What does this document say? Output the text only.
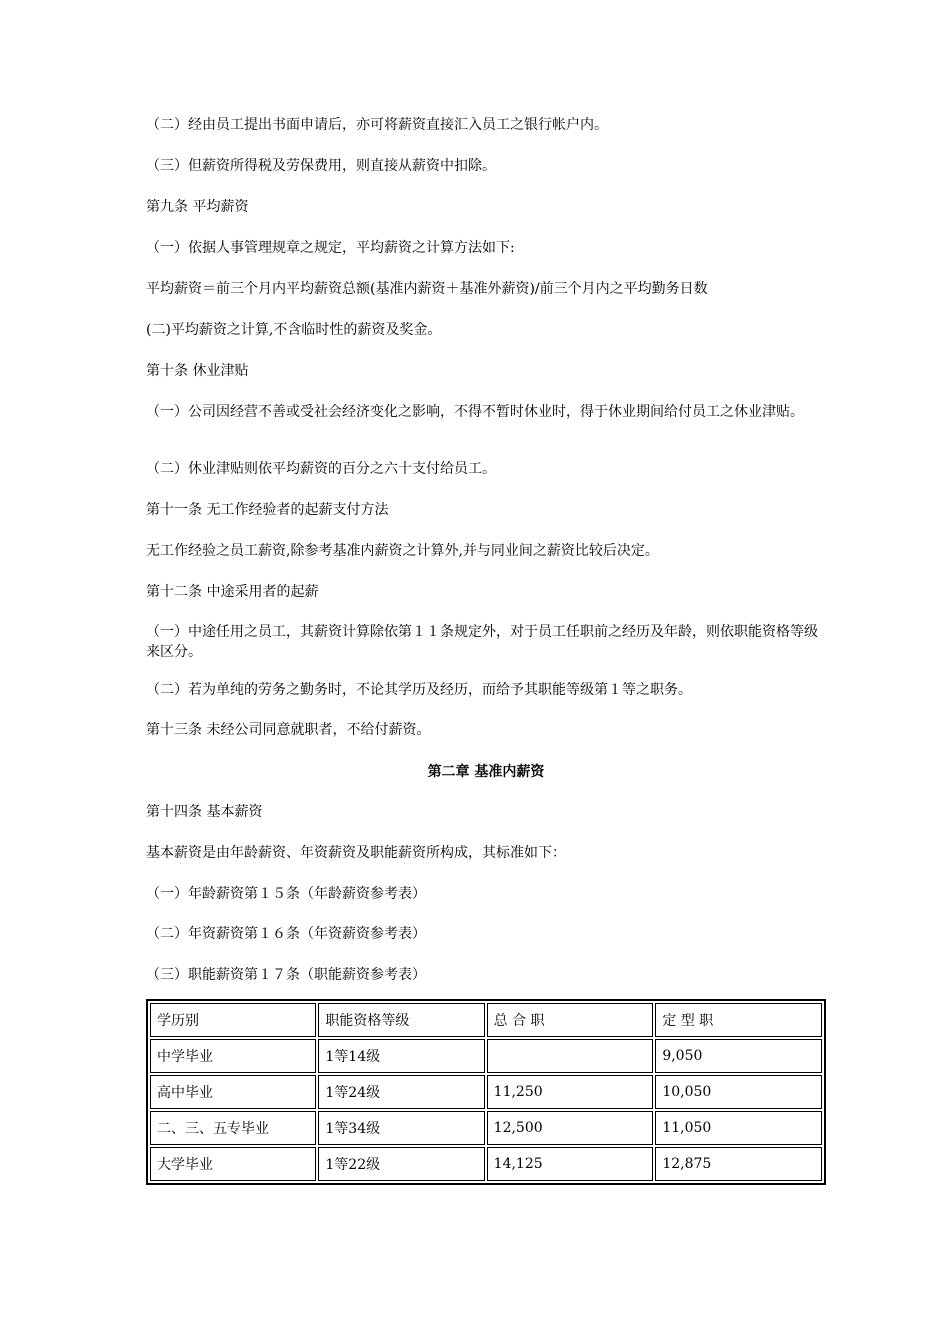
（二）经由员工提出书面申请后，亦可将薪资直接汇入员工之银行帐户内。
（三）但薪资所得税及劳保费用，则直接从薪资中扣除。
第九条 平均薪资
（一）依据人事管理规章之规定，平均薪资之计算方法如下:
平均薪资＝前三个月内平均薪资总额(基准内薪资＋基准外薪资)/前三个月内之平均勤务日数
(二)平均薪资之计算,不含临时性的薪资及奖金。
第十条 休业津贴
（一）公司因经营不善或受社会经济变化之影响，不得不暂时休业时，得于休业期间给付员工之休业津贴。
（二）休业津贴则依平均薪资的百分之六十支付给员工。
第十一条 无工作经验者的起薪支付方法
无工作经验之员工薪资,除参考基准内薪资之计算外,并与同业间之薪资比较后决定。
第十二条 中途采用者的起薪
（一）中途任用之员工，其薪资计算除依第１１条规定外，对于员工任职前之经历及年龄，则依职能资格等级来区分。
（二）若为单纯的劳务之勤务时，不论其学历及经历，而给予其职能等级第１等之职务。
第十三条 未经公司同意就职者，不给付薪资。
第二章 基准内薪资
第十四条 基本薪资
基本薪资是由年龄薪资、年资薪资及职能薪资所构成，其标准如下：
（一）年龄薪资第１５条（年龄薪资参考表）
（二）年资薪资第１６条（年资薪资参考表）
（三）职能薪资第１７条（职能薪资参考表）
学历别	职能资格等级	总 合 职	定 型 职
中学毕业	1等14级		9,050
高中毕业	1等24级	11,250	10,050
二、三、五专毕业	1等34级	12,500	11,050
大学毕业	1等22级	14,125	12,875
